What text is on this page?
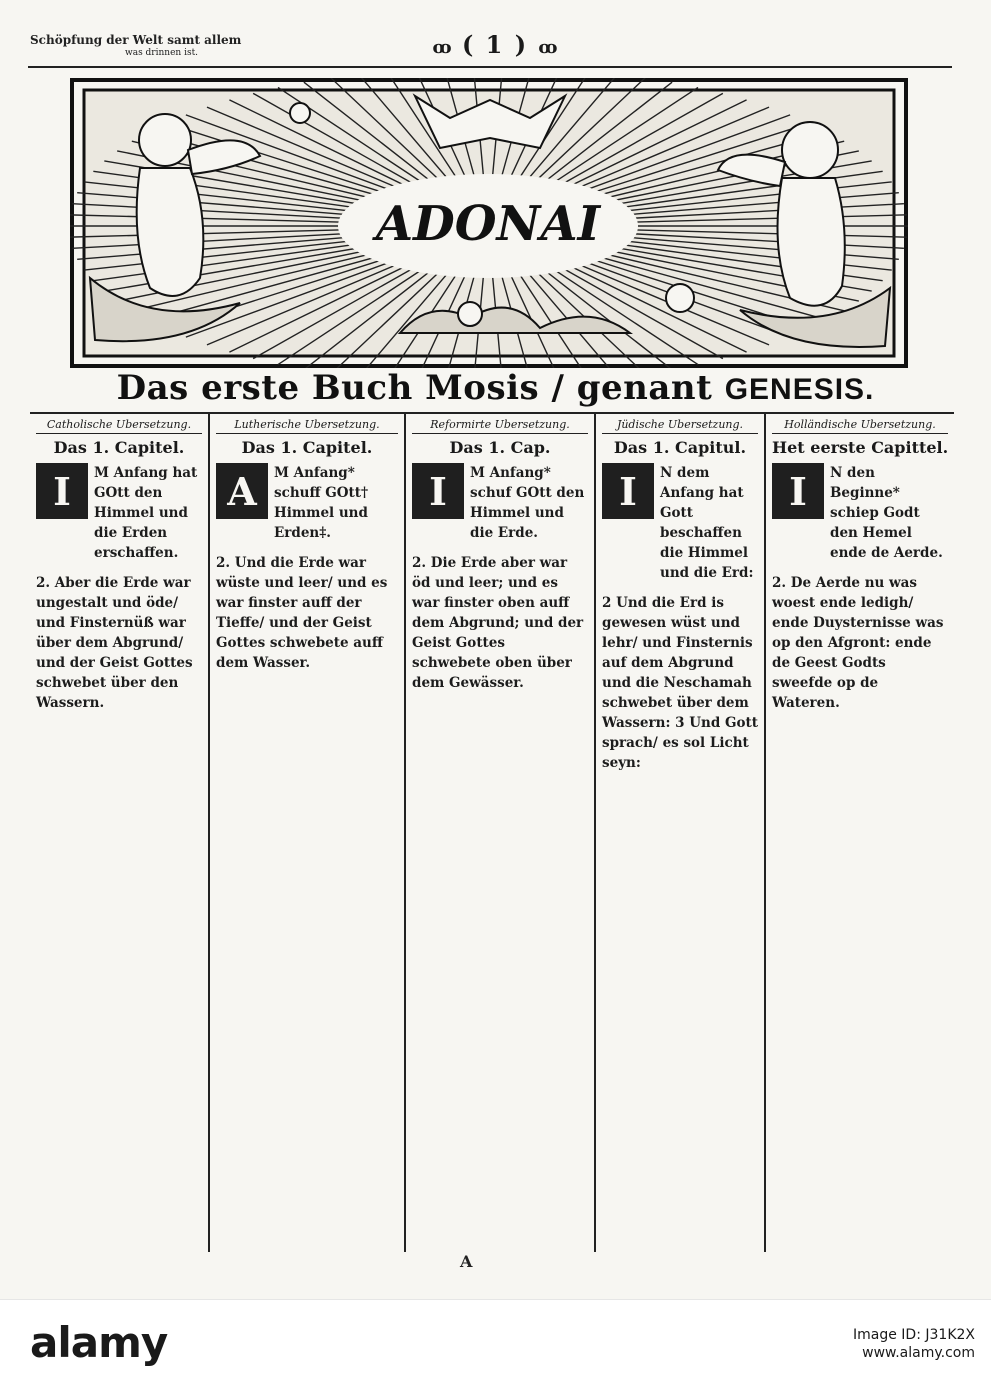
Schöpfung der Welt samt allem
was drinnen ist.	ꝏ ( 1 ) ꝏ
ADONAI
Das erste Buch Mosis / genant GENESIS.
Catholische Ubersetzung.
Das 1. Capitel.
I	M Anfang hat GOtt den Himmel und die Erden erschaffen.
2. Aber die Erde war ungestalt und öde/ und Finsternüß war über dem Abgrund/ und der Geist Gottes schwebet über den Wassern.
Lutherische Ubersetzung.
Das 1. Capitel.
A	M Anfang* schuff GOtt† Himmel und Erden‡.
2. Und die Erde war wüste und leer/ und es war finster auff der Tieffe/ und der Geist Gottes schwebete auff dem Wasser.
Reformirte Ubersetzung.
Das 1. Cap.
I	M Anfang* schuf GOtt den Himmel und die Erde.
2. Die Erde aber war öd und leer; und es war finster oben auff dem Abgrund; und der Geist Gottes schwebete oben über dem Gewässer.
Jüdische Ubersetzung.
Das 1. Capitul.
I	N dem Anfang hat Gott beschaffen die Himmel und die Erd:
2 Und die Erd is gewesen wüst und lehr/ und Finsternis auf dem Abgrund und die Neschamah schwebet über dem Wassern: 3 Und Gott sprach/ es sol Licht seyn:
Holländische Ubersetzung.
Het eerste Capittel.
I	N den Beginne* schiep Godt den Hemel ende de Aerde.
2. De Aerde nu was woest ende ledigh/ ende Duysternisse was op den Afgront: ende de Geest Godts sweefde op de Wateren.
A
alamy	Image ID: J31K2X
www.alamy.com
